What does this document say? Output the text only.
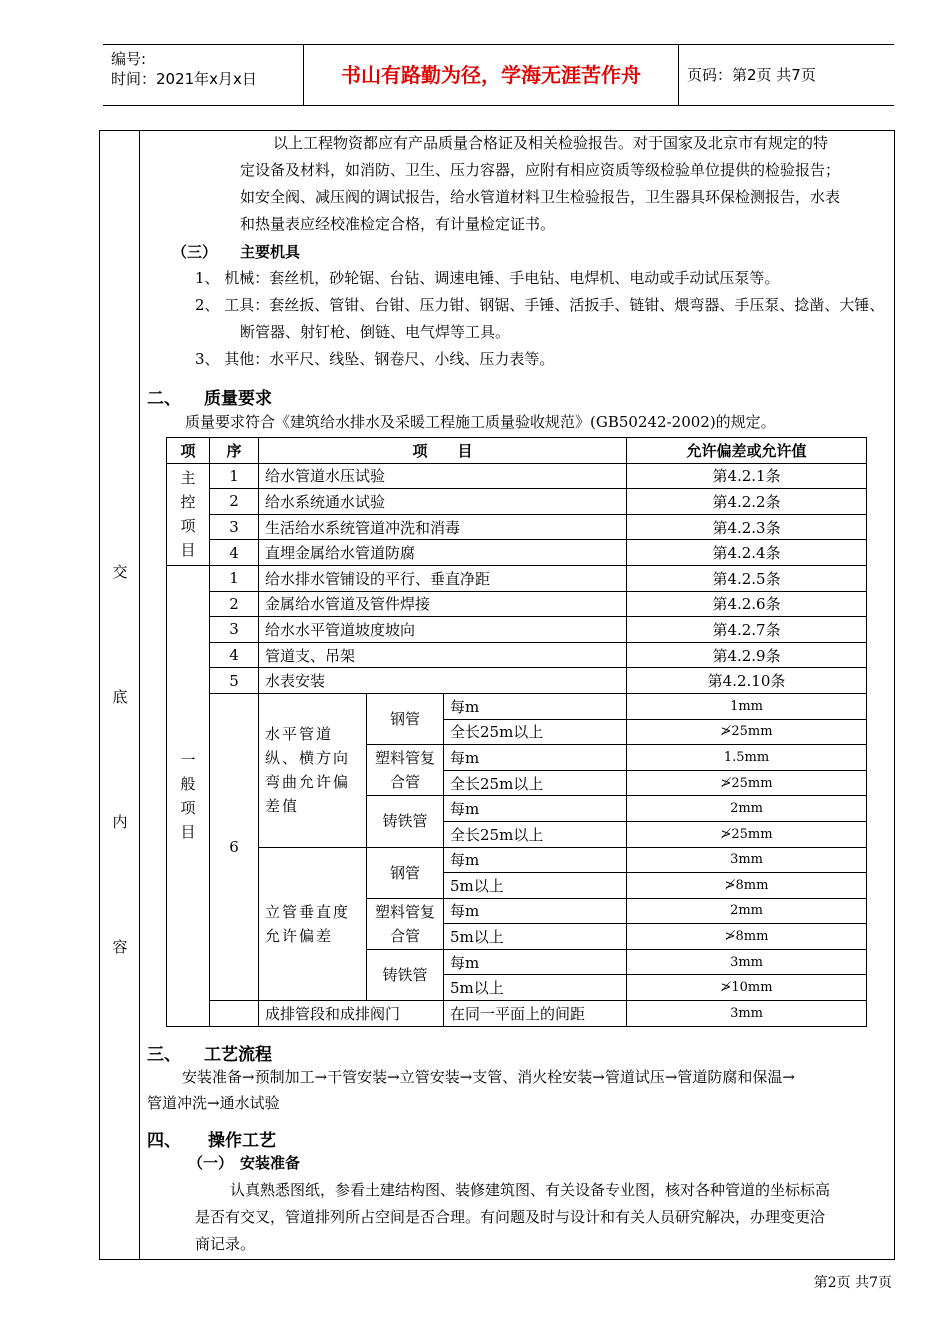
编号:
时间：2021年x月x日	书山有路勤为径，学海无涯苦作舟	页码：第2页 共7页
交
底
内
容
以上工程物资都应有产品质量合格证及相关检验报告。对于国家及北京市有规定的特
定设备及材料，如消防、卫生、压力容器，应附有相应资质等级检验单位提供的检验报告；
如安全阀、减压阀的调试报告，给水管道材料卫生检验报告，卫生器具环保检测报告，水表
和热量表应经校准检定合格，有计量检定证书。
（三） 主要机具
1、 机械：套丝机，砂轮锯、台钻、调速电锤、手电钻、电焊机、电动或手动试压泵等。
2、 工具：套丝扳、管钳、台钳、压力钳、钢锯、手锤、活扳手、链钳、煨弯器、手压泵、捻凿、大锤、
断管器、射钉枪、倒链、电气焊等工具。
3、 其他：水平尺、线坠、钢卷尺、小线、压力表等。
二、 质量要求
质量要求符合《建筑给水排水及采暖工程施工质量验收规范》(GB50242-2002)的规定。
项	序	项　　目			允许偏差或允许值
主控项目	1	给水管道水压试验			第4.2.1条
	2	给水系统通水试验			第4.2.2条
	3	生活给水系统管道冲洗和消毒			第4.2.3条
	4	直埋金属给水管道防腐			第4.2.4条
一般项目	1	给水排水管铺设的平行、垂直净距			第4.2.5条
	2	金属给水管道及管件焊接			第4.2.6条
	3	给水水平管道坡度坡向			第4.2.7条
	4	管道支、吊架			第4.2.9条
	5	水表安装			第4.2.10条
	6	水平管道纵、横方向弯曲允许偏差值	钢管	每m	1mm
				全长25m以上	≯25mm
			塑料管复合管	每m	1.5mm
				全长25m以上	≯25mm
			铸铁管	每m	2mm
				全长25m以上	≯25mm
		立管垂直度允许偏差	钢管	每m	3mm
				5m以上	≯8mm
			塑料管复合管	每m	2mm
				5m以上	≯8mm
			铸铁管	每m	3mm
				5m以上	≯10mm
		成排管段和成排阀门		在同一平面上的间距	3mm
三、 工艺流程
安装准备→预制加工→干管安装→立管安装→支管、消火栓安装→管道试压→管道防腐和保温→
管道冲洗→通水试验
四、 操作工艺
（一） 安装准备
认真熟悉图纸，参看土建结构图、装修建筑图、有关设备专业图，核对各种管道的坐标标高
是否有交叉，管道排列所占空间是否合理。有问题及时与设计和有关人员研究解决，办理变更洽
商记录。
第2页 共7页
